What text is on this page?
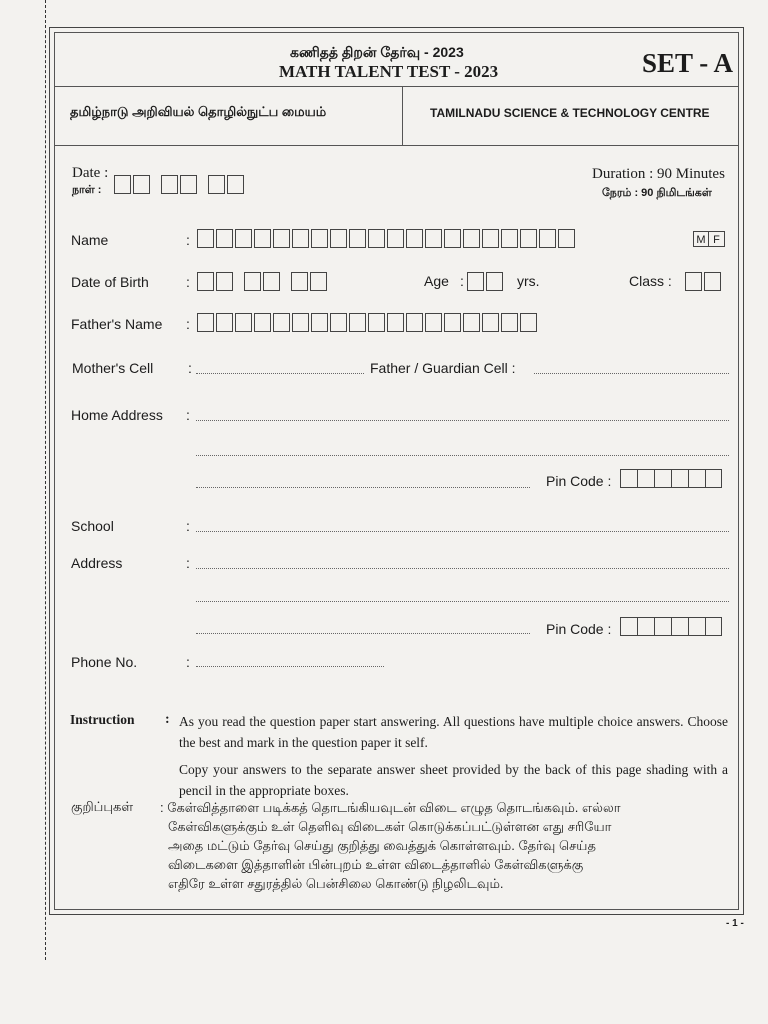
கணிதத் திறன் தேர்வு - 2023
MATH TALENT TEST - 2023	SET - A
தமிழ்நாடு அறிவியல் தொழில்நுட்ப மையம்	TAMILNADU SCIENCE & TECHNOLOGY CENTRE
Date :
நாள் :
Duration : 90 Minutes
நேரம் : 90 நிமிடங்கள்
Name	:	M F
Date of Birth	:	Age :	yrs.	Class :
Father's Name :
Mother's Cell :	Father / Guardian Cell :
Home Address :
Pin Code :
School	:
Address	:
Pin Code :
Phone No.	:
Instruction : As you read the question paper start answering. All questions have multiple choice answers. Choose the best and mark in the question paper it self.
Copy your answers to the separate answer sheet provided by the back of this page shading with a pencil in the appropriate boxes.
குறிப்புகள் : கேள்வித்தாளை படிக்கத் தொடங்கியவுடன் விடை எழுத தொடங்கவும். எல்லா
கேள்விகளுக்கும் உள் தெளிவு விடைகள் கொடுக்கப்பட்டுள்ளன எது சரியோ
அதை மட்டும் தேர்வு செய்து குறித்து வைத்துக் கொள்ளவும். தேர்வு செய்த
விடைகளை இத்தாளின் பின்புறம் உள்ள விடைத்தாளில் கேள்விகளுக்கு
எதிரே உள்ள சதுரத்தில் பென்சிலை கொண்டு நிழலிடவும்.
- 1 -
